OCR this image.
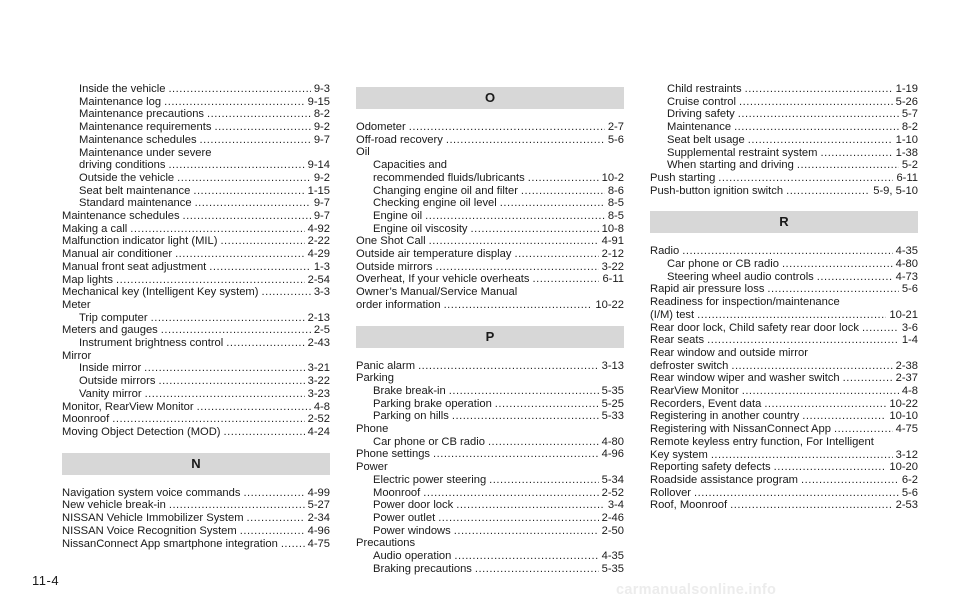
Inside the vehicle .....	9-3
Maintenance log .....	9-15
Maintenance precautions .....	8-2
Maintenance requirements .....	9-2
Maintenance schedules .....	9-7
Maintenance under severe
driving conditions .....	9-14
Outside the vehicle .....	9-2
Seat belt maintenance .....	1-15
Standard maintenance .....	9-7
Maintenance schedules .....	9-7
Making a call .....	4-92
Malfunction indicator light (MIL) .....	2-22
Manual air conditioner .....	4-29
Manual front seat adjustment .....	1-3
Map lights .....	2-54
Mechanical key (Intelligent Key system) .....	3-3
Meter
Trip computer .....	2-13
Meters and gauges .....	2-5
Instrument brightness control .....	2-43
Mirror
Inside mirror .....	3-21
Outside mirrors .....	3-22
Vanity mirror .....	3-23
Monitor, RearView Monitor .....	4-8
Moonroof .....	2-52
Moving Object Detection (MOD) .....	4-24
N
Navigation system voice commands .....	4-99
New vehicle break-in .....	5-27
NISSAN Vehicle Immobilizer System .....	2-34
NISSAN Voice Recognition System .....	4-96
NissanConnect App smartphone integration .....	4-75
O
Odometer .....	2-7
Off-road recovery .....	5-6
Oil
Capacities and
recommended fluids/lubricants .....	10-2
Changing engine oil and filter .....	8-6
Checking engine oil level .....	8-5
Engine oil .....	8-5
Engine oil viscosity .....	10-8
One Shot Call .....	4-91
Outside air temperature display .....	2-12
Outside mirrors .....	3-22
Overheat, If your vehicle overheats .....	6-11
Owner’s Manual/Service Manual
order information .....	10-22
P
Panic alarm .....	3-13
Parking
Brake break-in .....	5-35
Parking brake operation .....	5-25
Parking on hills .....	5-33
Phone
Car phone or CB radio .....	4-80
Phone settings .....	4-96
Power
Electric power steering .....	5-34
Moonroof .....	2-52
Power door lock .....	3-4
Power outlet .....	2-46
Power windows .....	2-50
Precautions
Audio operation .....	4-35
Braking precautions .....	5-35
Child restraints .....	1-19
Cruise control .....	5-26
Driving safety .....	5-7
Maintenance .....	8-2
Seat belt usage .....	1-10
Supplemental restraint system .....	1-38
When starting and driving .....	5-2
Push starting .....	6-11
Push-button ignition switch .....	5-9, 5-10
R
Radio .....	4-35
Car phone or CB radio .....	4-80
Steering wheel audio controls .....	4-73
Rapid air pressure loss .....	5-6
Readiness for inspection/maintenance
(I/M) test .....	10-21
Rear door lock, Child safety rear door lock .....	3-6
Rear seats .....	1-4
Rear window and outside mirror
defroster switch .....	2-38
Rear window wiper and washer switch .....	2-37
RearView Monitor .....	4-8
Recorders, Event data .....	10-22
Registering in another country .....	10-10
Registering with NissanConnect App .....	4-75
Remote keyless entry function, For Intelligent
Key system .....	3-12
Reporting safety defects .....	10-20
Roadside assistance program .....	6-2
Rollover .....	5-6
Roof, Moonroof .....	2-53
11-4
carmanualsonline.info
